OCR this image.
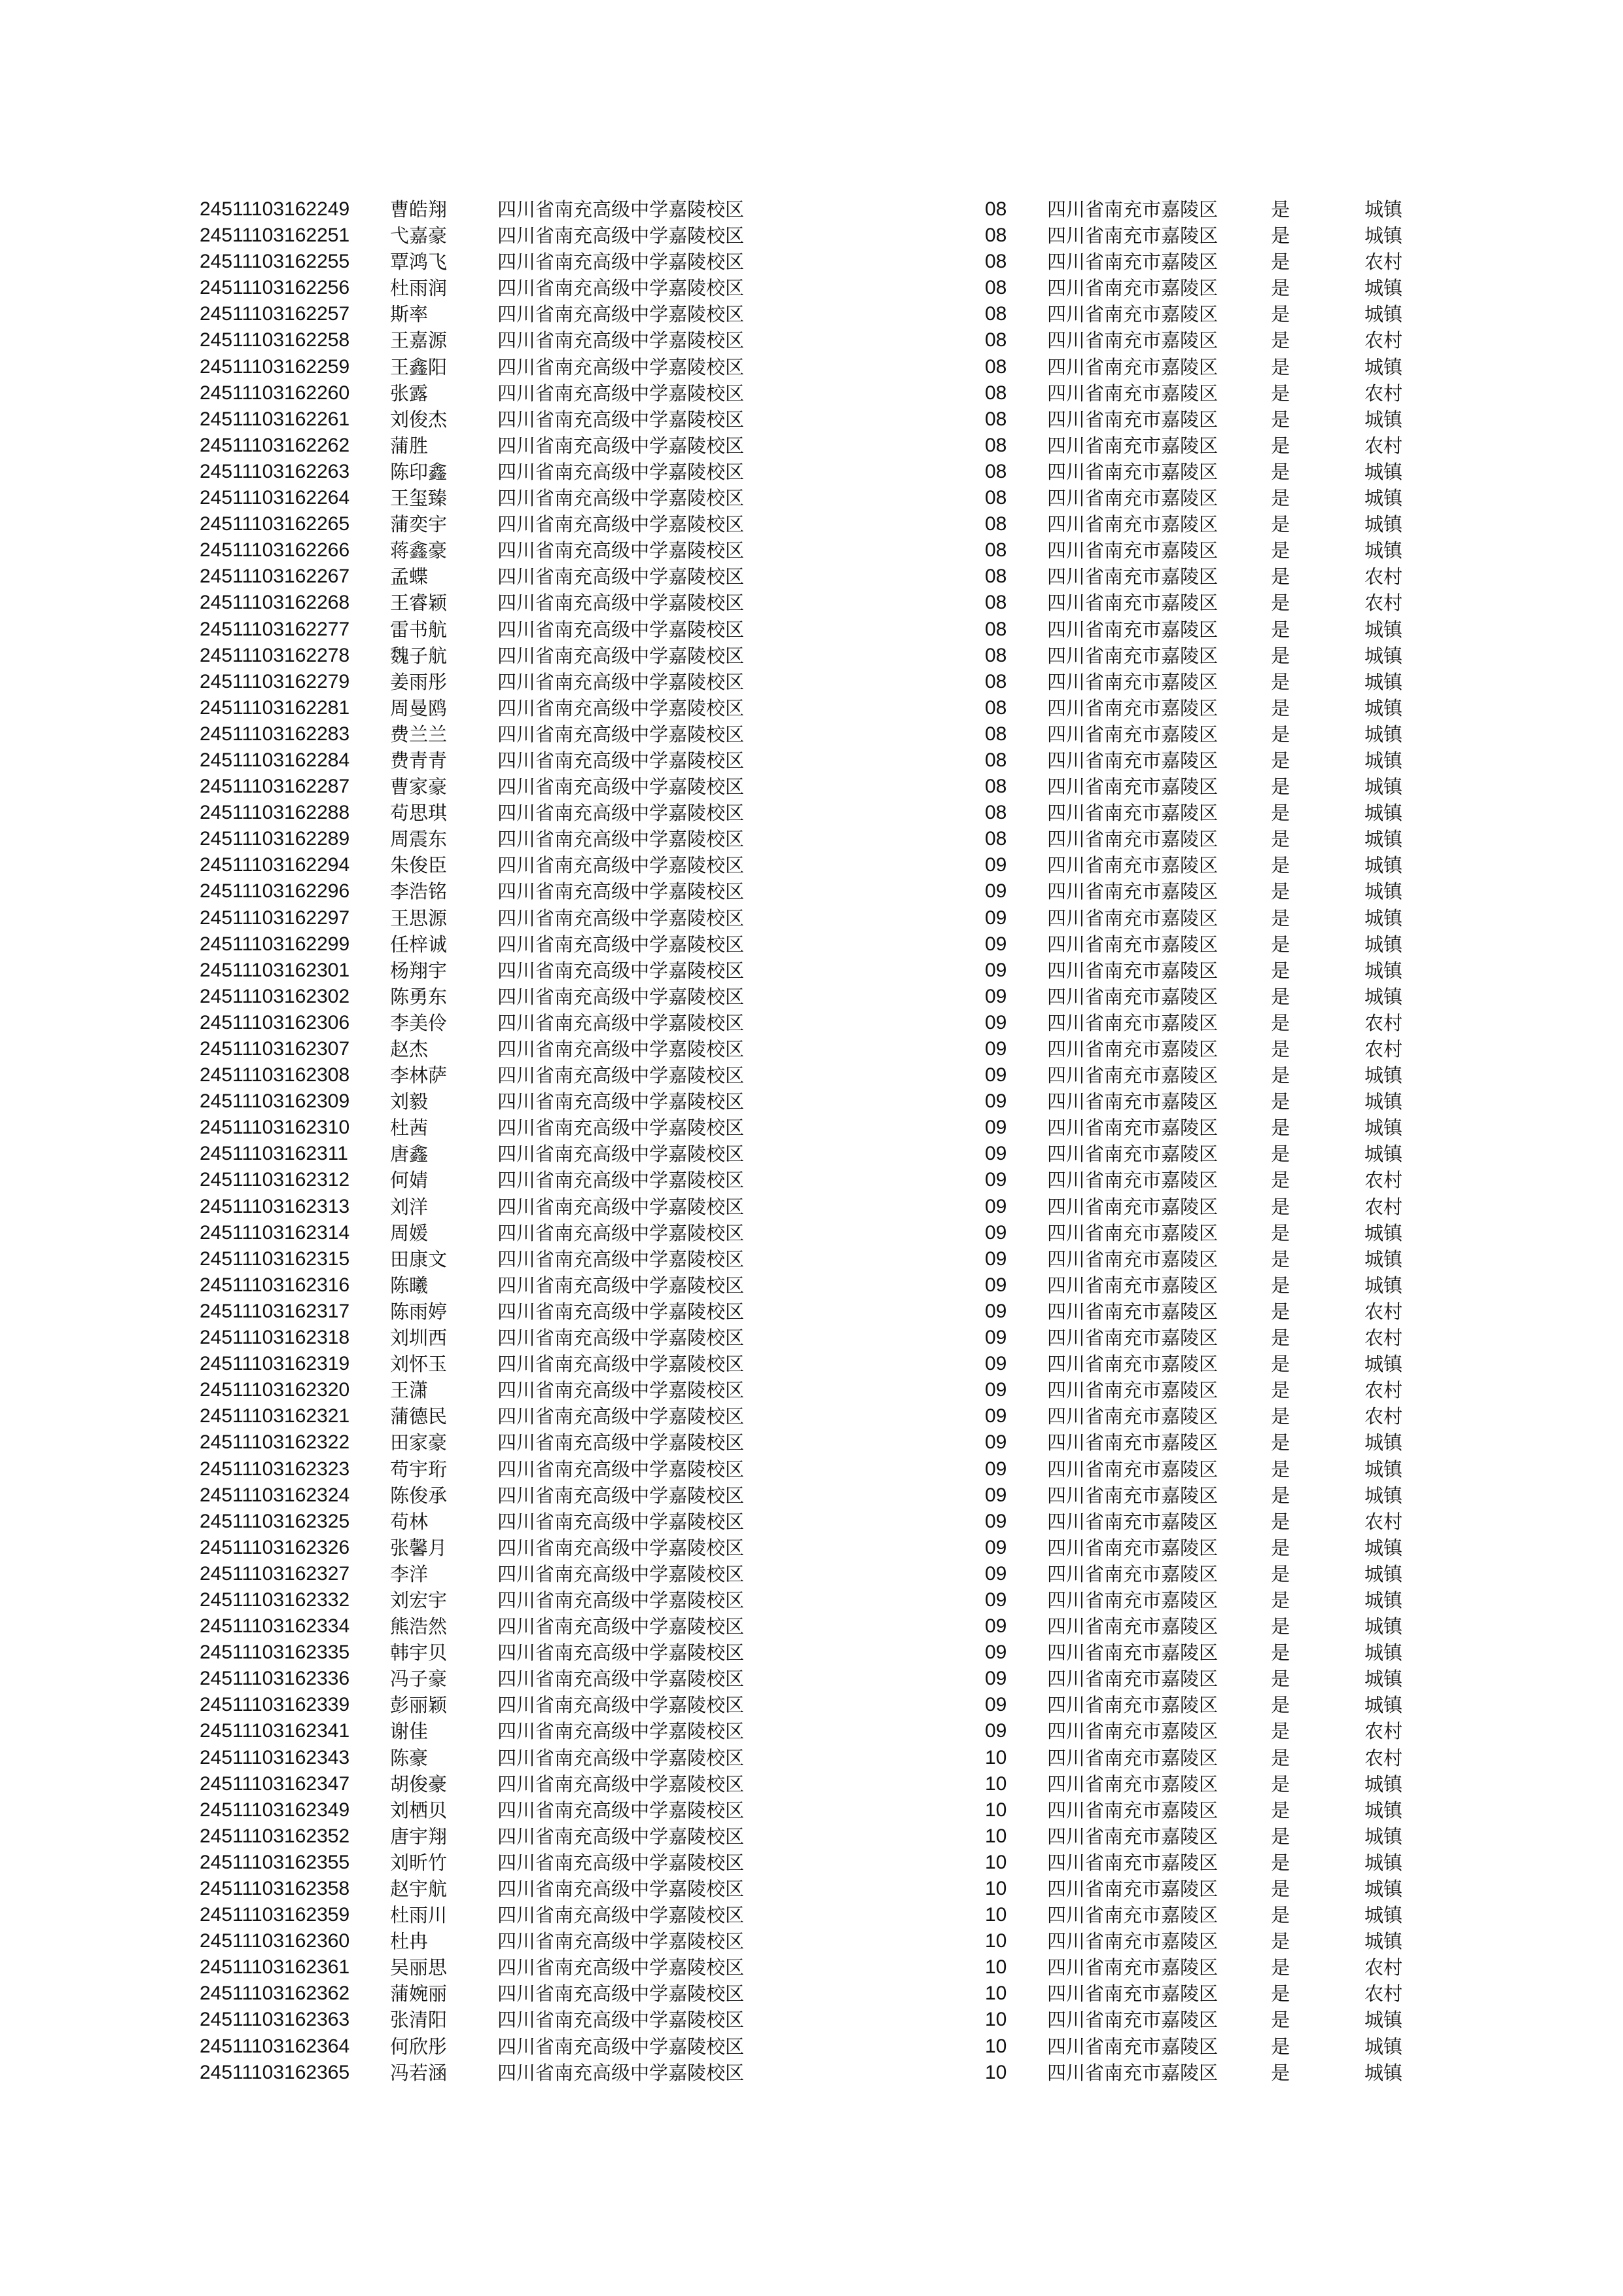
24511103162249 曹皓翔	四川省南充高级中学嘉陵校区	08 四川省南充市嘉陵区	是	城镇
24511103162251 弋嘉豪	四川省南充高级中学嘉陵校区	08 四川省南充市嘉陵区	是	城镇
24511103162255 覃鸿飞	四川省南充高级中学嘉陵校区	08 四川省南充市嘉陵区	是	农村
24511103162256 杜雨润	四川省南充高级中学嘉陵校区	08 四川省南充市嘉陵区	是	城镇
24511103162257 斯率	四川省南充高级中学嘉陵校区	08 四川省南充市嘉陵区	是	城镇
24511103162258 王嘉源	四川省南充高级中学嘉陵校区	08 四川省南充市嘉陵区	是	农村
24511103162259 王鑫阳	四川省南充高级中学嘉陵校区	08 四川省南充市嘉陵区	是	城镇
24511103162260 张露	四川省南充高级中学嘉陵校区	08 四川省南充市嘉陵区	是	农村
24511103162261 刘俊杰	四川省南充高级中学嘉陵校区	08 四川省南充市嘉陵区	是	城镇
24511103162262 蒲胜	四川省南充高级中学嘉陵校区	08 四川省南充市嘉陵区	是	农村
24511103162263 陈印鑫	四川省南充高级中学嘉陵校区	08 四川省南充市嘉陵区	是	城镇
24511103162264 王玺臻	四川省南充高级中学嘉陵校区	08 四川省南充市嘉陵区	是	城镇
24511103162265 蒲奕宇	四川省南充高级中学嘉陵校区	08 四川省南充市嘉陵区	是	城镇
24511103162266 蒋鑫豪	四川省南充高级中学嘉陵校区	08 四川省南充市嘉陵区	是	城镇
24511103162267 孟蝶	四川省南充高级中学嘉陵校区	08 四川省南充市嘉陵区	是	农村
24511103162268 王睿颖	四川省南充高级中学嘉陵校区	08 四川省南充市嘉陵区	是	农村
24511103162277 雷书航	四川省南充高级中学嘉陵校区	08 四川省南充市嘉陵区	是	城镇
24511103162278 魏子航	四川省南充高级中学嘉陵校区	08 四川省南充市嘉陵区	是	城镇
24511103162279 姜雨彤	四川省南充高级中学嘉陵校区	08 四川省南充市嘉陵区	是	城镇
24511103162281 周曼鸥	四川省南充高级中学嘉陵校区	08 四川省南充市嘉陵区	是	城镇
24511103162283 费兰兰	四川省南充高级中学嘉陵校区	08 四川省南充市嘉陵区	是	城镇
24511103162284 费青青	四川省南充高级中学嘉陵校区	08 四川省南充市嘉陵区	是	城镇
24511103162287 曹家豪	四川省南充高级中学嘉陵校区	08 四川省南充市嘉陵区	是	城镇
24511103162288 苟思琪	四川省南充高级中学嘉陵校区	08 四川省南充市嘉陵区	是	城镇
24511103162289 周震东	四川省南充高级中学嘉陵校区	08 四川省南充市嘉陵区	是	城镇
24511103162294 朱俊臣	四川省南充高级中学嘉陵校区	09 四川省南充市嘉陵区	是	城镇
24511103162296 李浩铭	四川省南充高级中学嘉陵校区	09 四川省南充市嘉陵区	是	城镇
24511103162297 王思源	四川省南充高级中学嘉陵校区	09 四川省南充市嘉陵区	是	城镇
24511103162299 任梓诚	四川省南充高级中学嘉陵校区	09 四川省南充市嘉陵区	是	城镇
24511103162301 杨翔宇	四川省南充高级中学嘉陵校区	09 四川省南充市嘉陵区	是	城镇
24511103162302 陈勇东	四川省南充高级中学嘉陵校区	09 四川省南充市嘉陵区	是	城镇
24511103162306 李美伶	四川省南充高级中学嘉陵校区	09 四川省南充市嘉陵区	是	农村
24511103162307 赵杰	四川省南充高级中学嘉陵校区	09 四川省南充市嘉陵区	是	农村
24511103162308 李林萨	四川省南充高级中学嘉陵校区	09 四川省南充市嘉陵区	是	城镇
24511103162309 刘毅	四川省南充高级中学嘉陵校区	09 四川省南充市嘉陵区	是	城镇
24511103162310 杜茜	四川省南充高级中学嘉陵校区	09 四川省南充市嘉陵区	是	城镇
24511103162311 唐鑫	四川省南充高级中学嘉陵校区	09 四川省南充市嘉陵区	是	城镇
24511103162312 何婧	四川省南充高级中学嘉陵校区	09 四川省南充市嘉陵区	是	农村
24511103162313 刘洋	四川省南充高级中学嘉陵校区	09 四川省南充市嘉陵区	是	农村
24511103162314 周媛	四川省南充高级中学嘉陵校区	09 四川省南充市嘉陵区	是	城镇
24511103162315 田康文	四川省南充高级中学嘉陵校区	09 四川省南充市嘉陵区	是	城镇
24511103162316 陈曦	四川省南充高级中学嘉陵校区	09 四川省南充市嘉陵区	是	城镇
24511103162317 陈雨婷	四川省南充高级中学嘉陵校区	09 四川省南充市嘉陵区	是	农村
24511103162318 刘圳西	四川省南充高级中学嘉陵校区	09 四川省南充市嘉陵区	是	农村
24511103162319 刘怀玉	四川省南充高级中学嘉陵校区	09 四川省南充市嘉陵区	是	城镇
24511103162320 王潇	四川省南充高级中学嘉陵校区	09 四川省南充市嘉陵区	是	农村
24511103162321 蒲德民	四川省南充高级中学嘉陵校区	09 四川省南充市嘉陵区	是	农村
24511103162322 田家豪	四川省南充高级中学嘉陵校区	09 四川省南充市嘉陵区	是	城镇
24511103162323 苟宇珩	四川省南充高级中学嘉陵校区	09 四川省南充市嘉陵区	是	城镇
24511103162324 陈俊承	四川省南充高级中学嘉陵校区	09 四川省南充市嘉陵区	是	城镇
24511103162325 苟林	四川省南充高级中学嘉陵校区	09 四川省南充市嘉陵区	是	农村
24511103162326 张馨月	四川省南充高级中学嘉陵校区	09 四川省南充市嘉陵区	是	城镇
24511103162327 李洋	四川省南充高级中学嘉陵校区	09 四川省南充市嘉陵区	是	城镇
24511103162332 刘宏宇	四川省南充高级中学嘉陵校区	09 四川省南充市嘉陵区	是	城镇
24511103162334 熊浩然	四川省南充高级中学嘉陵校区	09 四川省南充市嘉陵区	是	城镇
24511103162335 韩宇贝	四川省南充高级中学嘉陵校区	09 四川省南充市嘉陵区	是	城镇
24511103162336 冯子豪	四川省南充高级中学嘉陵校区	09 四川省南充市嘉陵区	是	城镇
24511103162339 彭丽颖	四川省南充高级中学嘉陵校区	09 四川省南充市嘉陵区	是	城镇
24511103162341 谢佳	四川省南充高级中学嘉陵校区	09 四川省南充市嘉陵区	是	农村
24511103162343 陈豪	四川省南充高级中学嘉陵校区	10 四川省南充市嘉陵区	是	农村
24511103162347 胡俊豪	四川省南充高级中学嘉陵校区	10 四川省南充市嘉陵区	是	城镇
24511103162349 刘栖贝	四川省南充高级中学嘉陵校区	10 四川省南充市嘉陵区	是	城镇
24511103162352 唐宇翔	四川省南充高级中学嘉陵校区	10 四川省南充市嘉陵区	是	城镇
24511103162355 刘昕竹	四川省南充高级中学嘉陵校区	10 四川省南充市嘉陵区	是	城镇
24511103162358 赵宇航	四川省南充高级中学嘉陵校区	10 四川省南充市嘉陵区	是	城镇
24511103162359 杜雨川	四川省南充高级中学嘉陵校区	10 四川省南充市嘉陵区	是	城镇
24511103162360 杜冉	四川省南充高级中学嘉陵校区	10 四川省南充市嘉陵区	是	城镇
24511103162361 吴丽思	四川省南充高级中学嘉陵校区	10 四川省南充市嘉陵区	是	农村
24511103162362 蒲婉丽	四川省南充高级中学嘉陵校区	10 四川省南充市嘉陵区	是	农村
24511103162363 张清阳	四川省南充高级中学嘉陵校区	10 四川省南充市嘉陵区	是	城镇
24511103162364 何欣彤	四川省南充高级中学嘉陵校区	10 四川省南充市嘉陵区	是	城镇
24511103162365 冯若涵	四川省南充高级中学嘉陵校区	10 四川省南充市嘉陵区	是	城镇
